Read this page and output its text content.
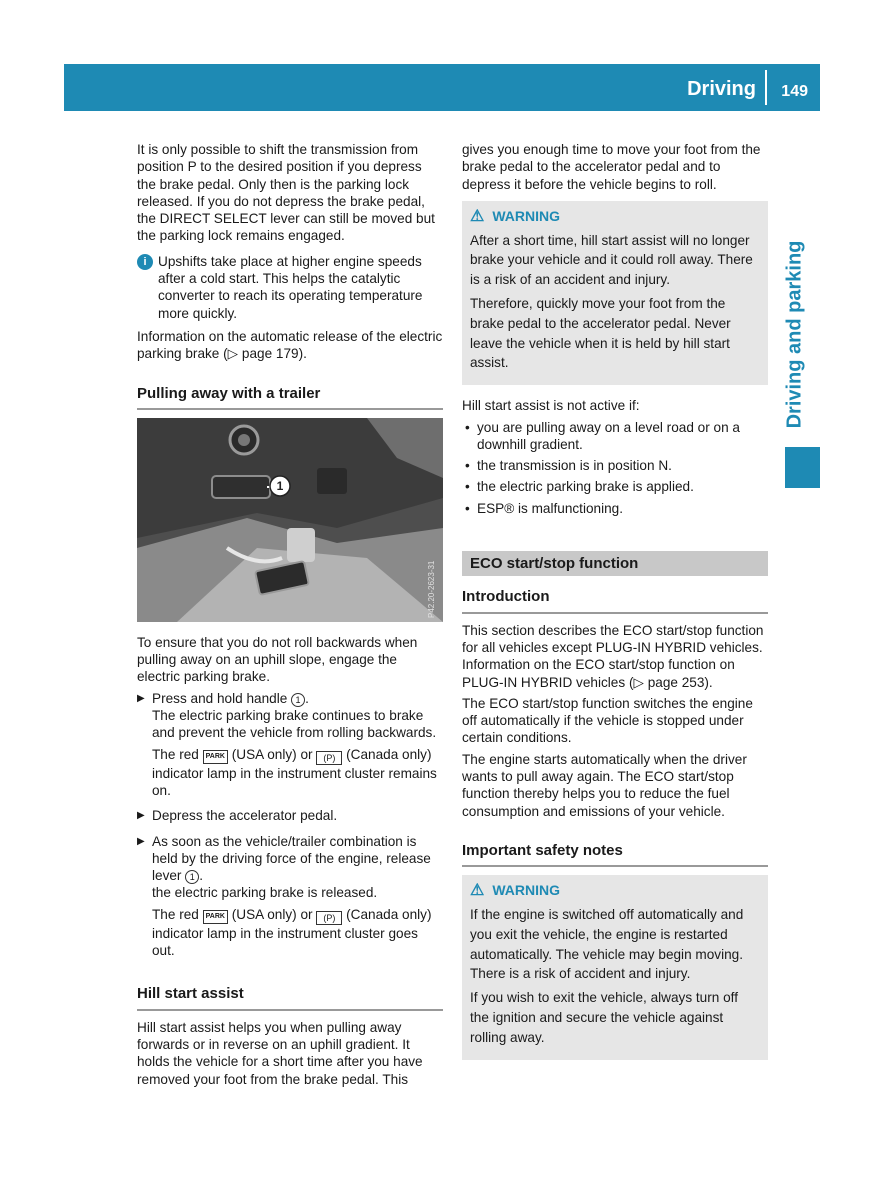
Driving 149
Driving and parking

It is only possible to shift the transmission from position P to the desired position if you depress the brake pedal. Only then is the parking lock released. If you do not depress the brake pedal, the DIRECT SELECT lever can still be moved but the parking lock remains engaged.

i Upshifts take place at higher engine speeds after a cold start. This helps the catalytic converter to reach its operating temperature more quickly.

Information on the automatic release of the electric parking brake (▷ page 179).

Pulling away with a trailer
1
P42.20-2623-31

To ensure that you do not roll backwards when pulling away on an uphill slope, engage the electric parking brake.

▶ Press and hold handle 1 .
The electric parking brake continues to brake and prevent the vehicle from rolling backwards.

The red PARK (USA only) or (P) (Canada only) indicator lamp in the instrument cluster remains on.

▶ Depress the accelerator pedal.

▶ As soon as the vehicle/trailer combination is held by the driving force of the engine, release lever 1 .
the electric parking brake is released.

The red PARK (USA only) or (P) (Canada only) indicator lamp in the instrument cluster goes out.

Hill start assist

Hill start assist helps you when pulling away forwards or in reverse on an uphill gradient. It holds the vehicle for a short time after you have removed your foot from the brake pedal. This

gives you enough time to move your foot from the brake pedal to the accelerator pedal and to depress it before the vehicle begins to roll.

⚠ WARNING

After a short time, hill start assist will no longer brake your vehicle and it could roll away. There is a risk of an accident and injury.

Therefore, quickly move your foot from the brake pedal to the accelerator pedal. Never leave the vehicle when it is held by hill start assist.

Hill start assist is not active if:

• you are pulling away on a level road or on a downhill gradient.
• the transmission is in position N.
• the electric parking brake is applied.
• ESP® is malfunctioning.
ECO start/stop function
Introduction

This section describes the ECO start/stop function for all vehicles except PLUG-IN HYBRID vehicles. Information on the ECO start/stop function on PLUG-IN HYBRID vehicles (▷ page 253).

The ECO start/stop function switches the engine off automatically if the vehicle is stopped under certain conditions.

The engine starts automatically when the driver wants to pull away again. The ECO start/stop function thereby helps you to reduce the fuel consumption and emissions of your vehicle.

Important safety notes
⚠ WARNING

If the engine is switched off automatically and you exit the vehicle, the engine is restarted automatically. The vehicle may begin moving. There is a risk of accident and injury.

If you wish to exit the vehicle, always turn off the ignition and secure the vehicle against rolling away.
